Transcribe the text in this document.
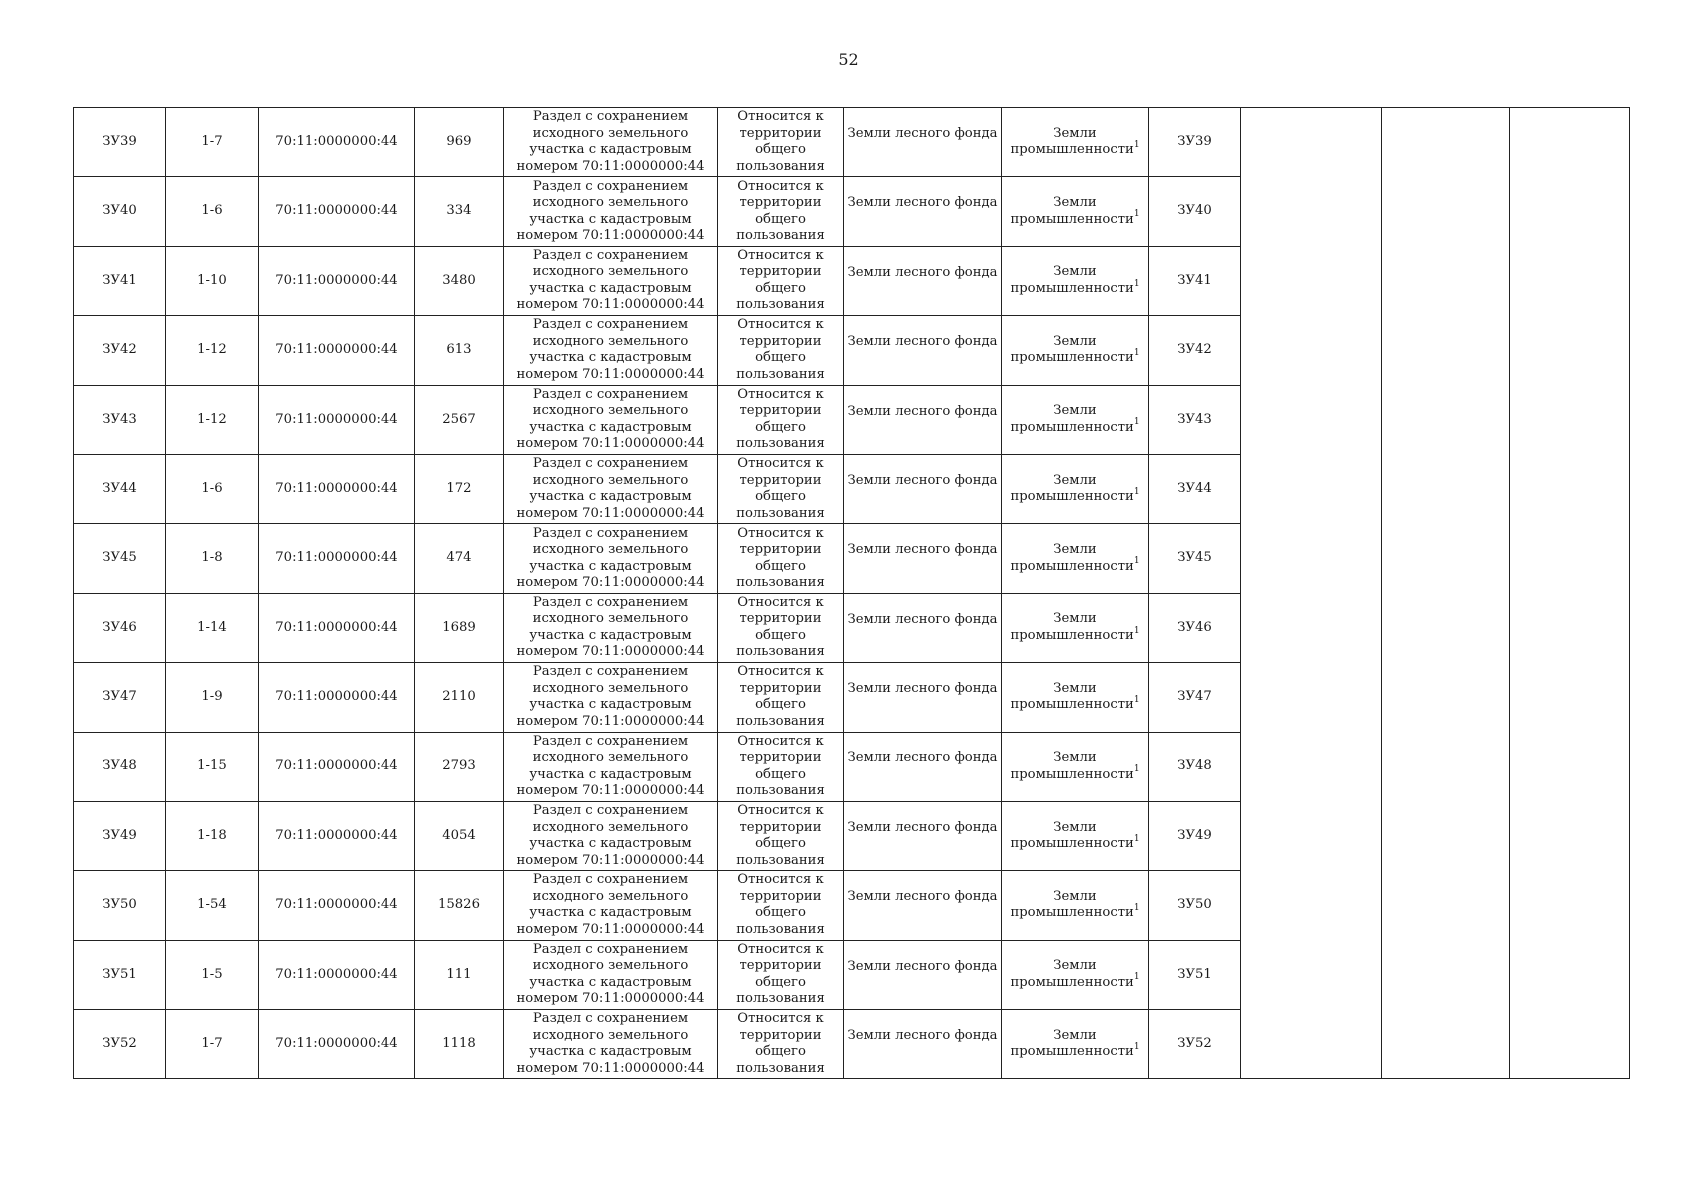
52
ЗУ39	1-7	70:11:0000000:44	969	Раздел с сохранением исходного земельного участка с кадастровым номером 70:11:0000000:44	Относится к территории общего пользования	Земли лесного фонда	Земли промышленности$^1$	ЗУ39			
ЗУ40	1-6	70:11:0000000:44	334	Раздел с сохранением исходного земельного участка с кадастровым номером 70:11:0000000:44	Относится к территории общего пользования	Земли лесного фонда	Земли промышленности$^1$	ЗУ40			
ЗУ41	1-10	70:11:0000000:44	3480	Раздел с сохранением исходного земельного участка с кадастровым номером 70:11:0000000:44	Относится к территории общего пользования	Земли лесного фонда	Земли промышленности$^1$	ЗУ41			
ЗУ42	1-12	70:11:0000000:44	613	Раздел с сохранением исходного земельного участка с кадастровым номером 70:11:0000000:44	Относится к территории общего пользования	Земли лесного фонда	Земли промышленности$^1$	ЗУ42			
ЗУ43	1-12	70:11:0000000:44	2567	Раздел с сохранением исходного земельного участка с кадастровым номером 70:11:0000000:44	Относится к территории общего пользования	Земли лесного фонда	Земли промышленности$^1$	ЗУ43			
ЗУ44	1-6	70:11:0000000:44	172	Раздел с сохранением исходного земельного участка с кадастровым номером 70:11:0000000:44	Относится к территории общего пользования	Земли лесного фонда	Земли промышленности$^1$	ЗУ44			
ЗУ45	1-8	70:11:0000000:44	474	Раздел с сохранением исходного земельного участка с кадастровым номером 70:11:0000000:44	Относится к территории общего пользования	Земли лесного фонда	Земли промышленности$^1$	ЗУ45			
ЗУ46	1-14	70:11:0000000:44	1689	Раздел с сохранением исходного земельного участка с кадастровым номером 70:11:0000000:44	Относится к территории общего пользования	Земли лесного фонда	Земли промышленности$^1$	ЗУ46			
ЗУ47	1-9	70:11:0000000:44	2110	Раздел с сохранением исходного земельного участка с кадастровым номером 70:11:0000000:44	Относится к территории общего пользования	Земли лесного фонда	Земли промышленности$^1$	ЗУ47			
ЗУ48	1-15	70:11:0000000:44	2793	Раздел с сохранением исходного земельного участка с кадастровым номером 70:11:0000000:44	Относится к территории общего пользования	Земли лесного фонда	Земли промышленности$^1$	ЗУ48			
ЗУ49	1-18	70:11:0000000:44	4054	Раздел с сохранением исходного земельного участка с кадастровым номером 70:11:0000000:44	Относится к территории общего пользования	Земли лесного фонда	Земли промышленности$^1$	ЗУ49			
ЗУ50	1-54	70:11:0000000:44	15826	Раздел с сохранением исходного земельного участка с кадастровым номером 70:11:0000000:44	Относится к территории общего пользования	Земли лесного фонда	Земли промышленности$^1$	ЗУ50			
ЗУ51	1-5	70:11:0000000:44	111	Раздел с сохранением исходного земельного участка с кадастровым номером 70:11:0000000:44	Относится к территории общего пользования	Земли лесного фонда	Земли промышленности$^1$	ЗУ51			
ЗУ52	1-7	70:11:0000000:44	1118	Раздел с сохранением исходного земельного участка с кадастровым номером 70:11:0000000:44	Относится к территории общего пользования	Земли лесного фонда	Земли промышленности$^1$	ЗУ52			
